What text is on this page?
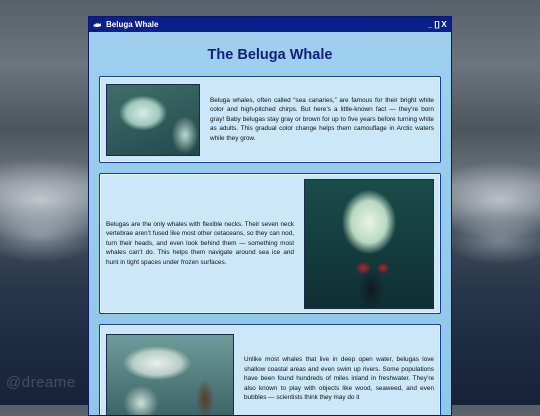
@dreame
Beluga Whale	_ [] X
The Beluga Whale

Beluga whales, often called “sea canaries,” are famous for their bright white color and high-pitched chirps. But here’s a little-known fact — they’re born gray! Baby belugas stay gray or brown for up to five years before turning white as adults. This gradual color change helps them camouflage in Arctic waters while they grow.

Belugas are the only whales with flexible necks. Their seven neck vertebrae aren’t fused like most other cetaceans, so they can nod, turn their heads, and even look behind them — something most whales can’t do. This helps them navigate around sea ice and hunt in tight spaces under frozen surfaces.

Unlike most whales that live in deep open water, belugas love shallow coastal areas and even swim up rivers. Some populations have been found hundreds of miles inland in freshwater. They’re also known to play with objects like wood, seaweed, and even bubbles — scientists think they may do it
